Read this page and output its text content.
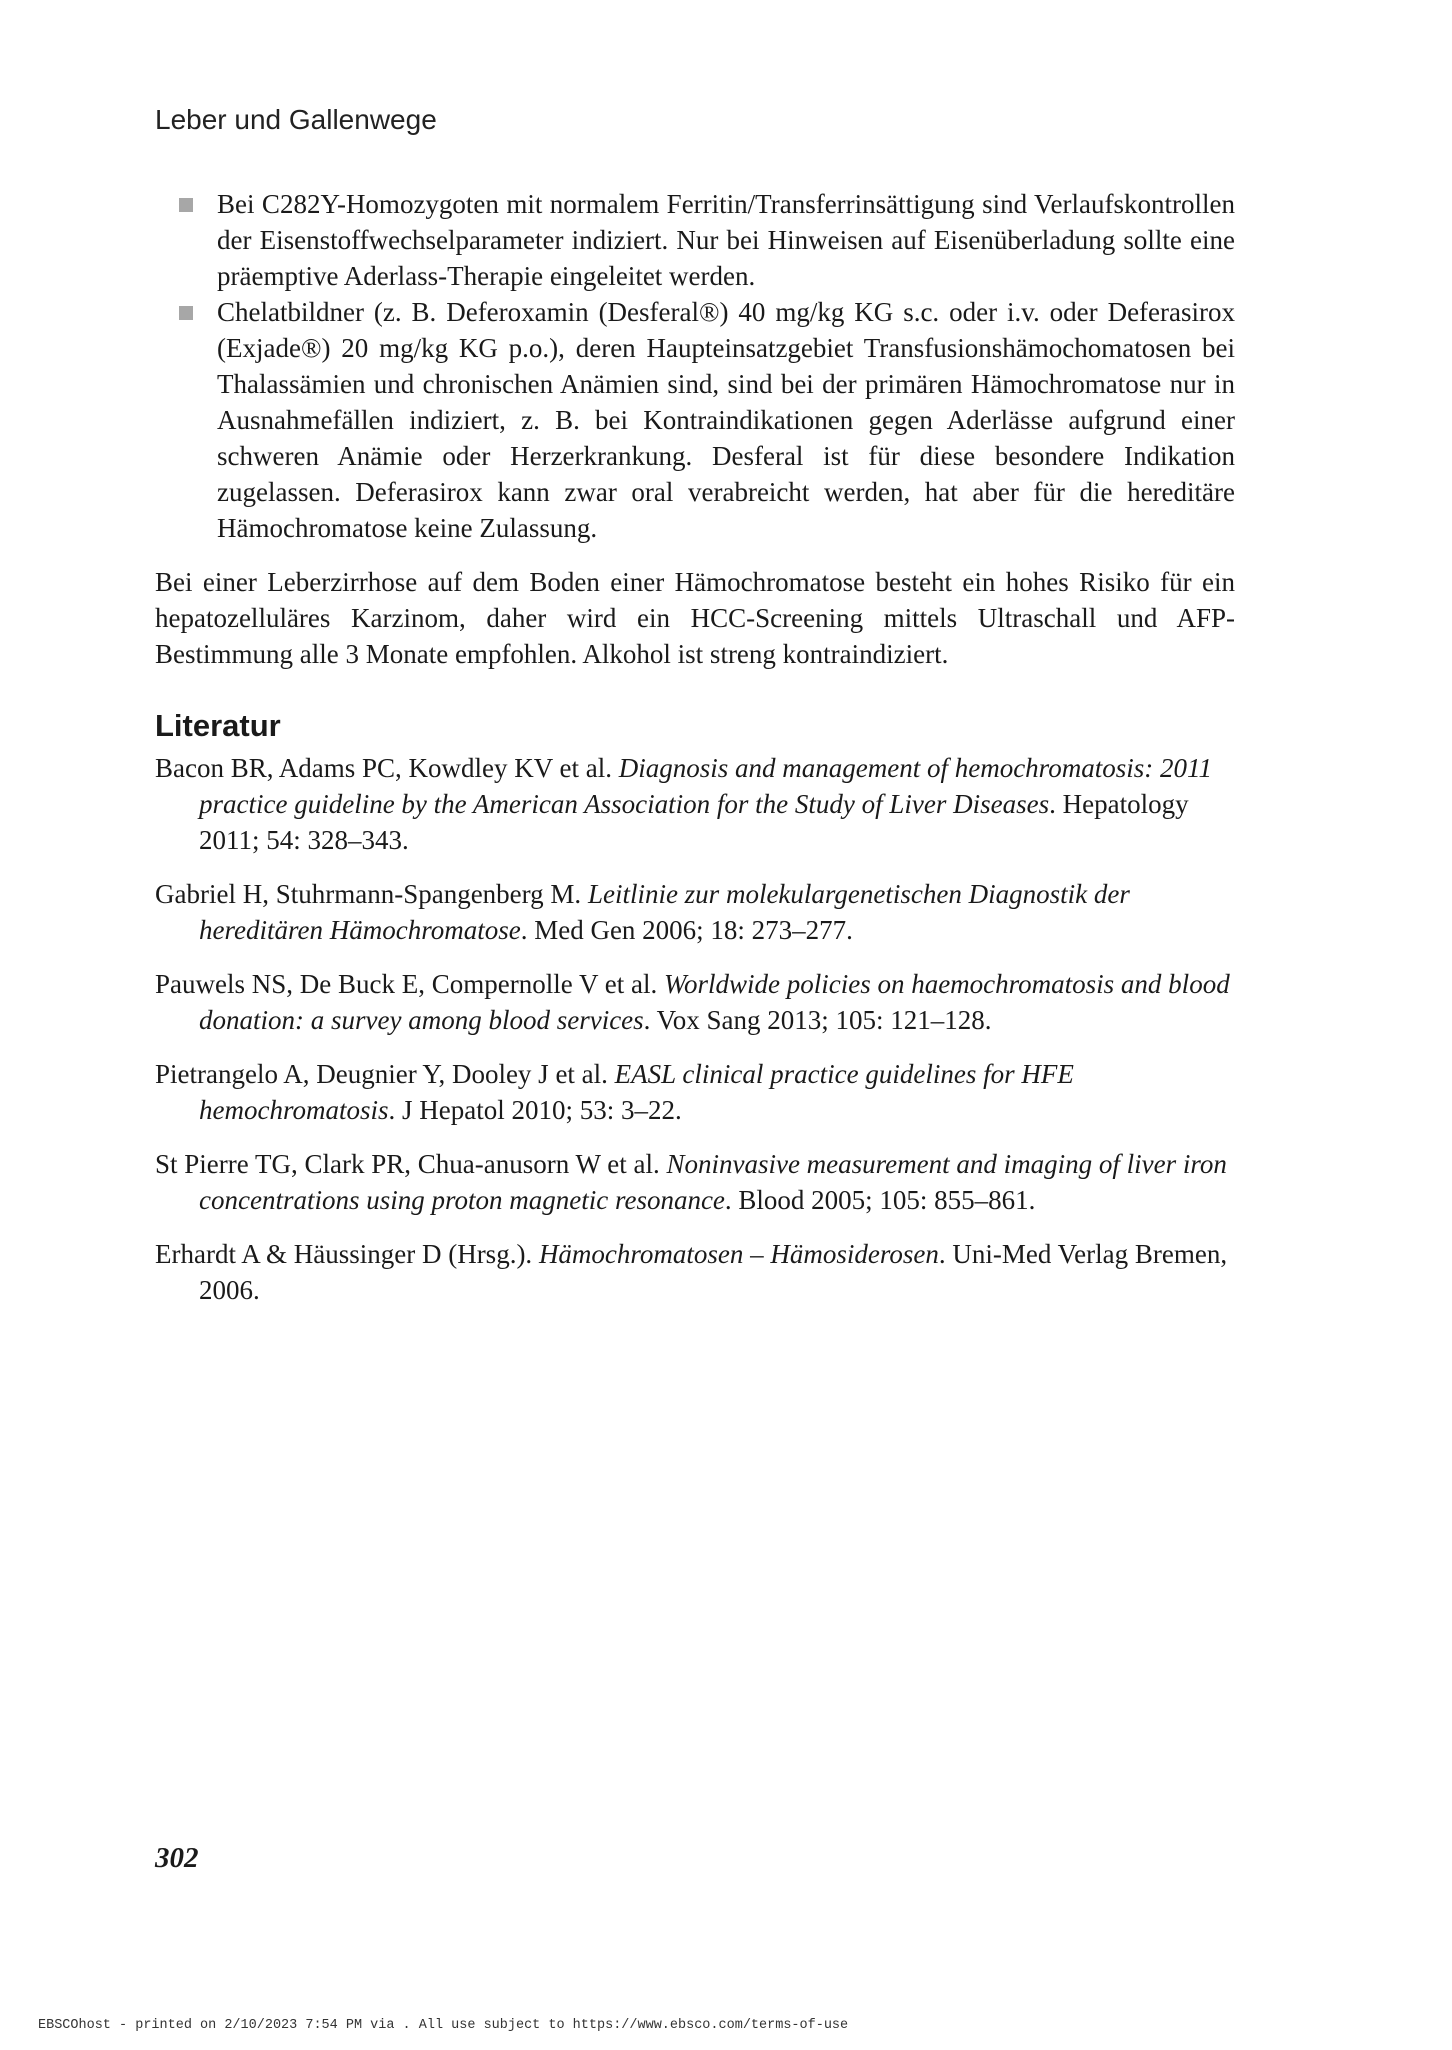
Leber und Gallenwege
Bei C282Y-Homozygoten mit normalem Ferritin/Transferrinsättigung sind Verlaufskontrollen der Eisenstoffwechselparameter indiziert. Nur bei Hinweisen auf Eisenüberladung sollte eine präemptive Aderlass-Therapie eingeleitet werden.
Chelatbildner (z. B. Deferoxamin (Desferal®) 40 mg/kg KG s.c. oder i.v. oder Deferasirox (Exjade®) 20 mg/kg KG p.o.), deren Haupteinsatzgebiet Transfusionshämochomatosen bei Thalassämien und chronischen Anämien sind, sind bei der primären Hämochromatose nur in Ausnahmefällen indiziert, z. B. bei Kontraindikationen gegen Aderlässe aufgrund einer schweren Anämie oder Herzerkrankung. Desferal ist für diese besondere Indikation zugelassen. Deferasirox kann zwar oral verabreicht werden, hat aber für die hereditäre Hämochromatose keine Zulassung.

Bei einer Leberzirrhose auf dem Boden einer Hämochromatose besteht ein hohes Risiko für ein hepatozelluläres Karzinom, daher wird ein HCC-Screening mittels Ultraschall und AFP-Bestimmung alle 3 Monate empfohlen. Alkohol ist streng kontraindiziert.

Literatur

Bacon BR, Adams PC, Kowdley KV et al. Diagnosis and management of hemochromatosis: 2011 practice guideline by the American Association for the Study of Liver Diseases. Hepatology 2011; 54: 328–343.

Gabriel H, Stuhrmann-Spangenberg M. Leitlinie zur molekulargenetischen Diagnostik der hereditären Hämochromatose. Med Gen 2006; 18: 273–277.

Pauwels NS, De Buck E, Compernolle V et al. Worldwide policies on haemochromatosis and blood donation: a survey among blood services. Vox Sang 2013; 105: 121–128.

Pietrangelo A, Deugnier Y, Dooley J et al. EASL clinical practice guidelines for HFE hemochromatosis. J Hepatol 2010; 53: 3–22.

St Pierre TG, Clark PR, Chua-anusorn W et al. Noninvasive measurement and imaging of liver iron concentrations using proton magnetic resonance. Blood 2005; 105: 855–861.

Erhardt A & Häussinger D (Hrsg.). Hämochromatosen – Hämosiderosen. Uni-Med Verlag Bremen, 2006.

302
EBSCOhost - printed on 2/10/2023 7:54 PM via . All use subject to https://www.ebsco.com/terms-of-use
